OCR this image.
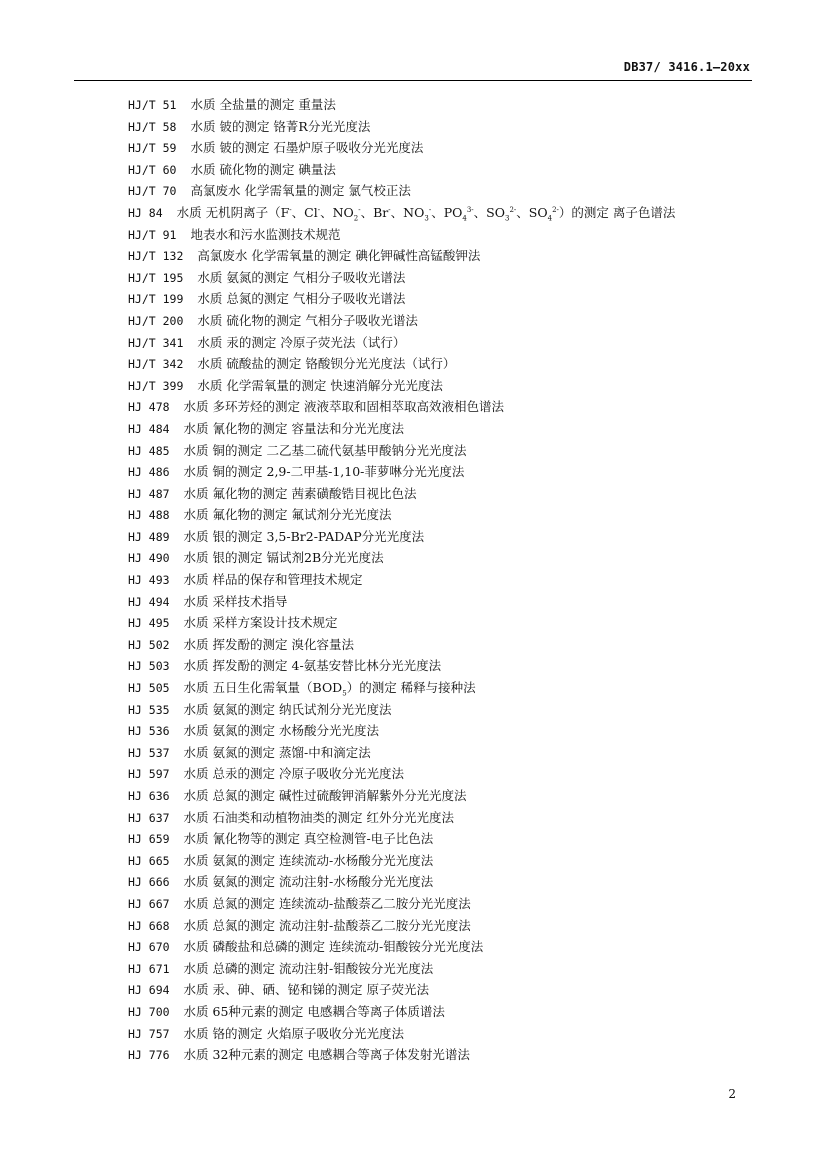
DB37/ 3416.1—20xx
HJ/T 51 水质 全盐量的测定 重量法
HJ/T 58 水质 铍的测定 铬菁R分光光度法
HJ/T 59 水质 铍的测定 石墨炉原子吸收分光光度法
HJ/T 60 水质 硫化物的测定 碘量法
HJ/T 70 高氯废水 化学需氧量的测定 氯气校正法
HJ 84 水质 无机阴离子（F-、Cl-、$NO_2^-$、Br-、$NO_3^-$、$PO_4^{3-}$、$SO_3^{2-}$、$SO_4^{2-}$）的测定 离子色谱法
HJ/T 91 地表水和污水监测技术规范
HJ/T 132 高氯废水 化学需氧量的测定 碘化钾碱性高锰酸钾法
HJ/T 195 水质 氨氮的测定 气相分子吸收光谱法
HJ/T 199 水质 总氮的测定 气相分子吸收光谱法
HJ/T 200 水质 硫化物的测定 气相分子吸收光谱法
HJ/T 341 水质 汞的测定 冷原子荧光法（试行）
HJ/T 342 水质 硫酸盐的测定 铬酸钡分光光度法（试行）
HJ/T 399 水质 化学需氧量的测定 快速消解分光光度法
HJ 478 水质 多环芳烃的测定 液液萃取和固相萃取高效液相色谱法
HJ 484 水质 氰化物的测定 容量法和分光光度法
HJ 485 水质 铜的测定 二乙基二硫代氨基甲酸钠分光光度法
HJ 486 水质 铜的测定 2,9-二甲基-1,10-菲萝啉分光光度法
HJ 487 水质 氟化物的测定 茜素磺酸锆目视比色法
HJ 488 水质 氟化物的测定 氟试剂分光光度法
HJ 489 水质 银的测定 3,5-Br2-PADAP分光光度法
HJ 490 水质 银的测定 镉试剂2B分光光度法
HJ 493 水质 样品的保存和管理技术规定
HJ 494 水质 采样技术指导
HJ 495 水质 采样方案设计技术规定
HJ 502 水质 挥发酚的测定 溴化容量法
HJ 503 水质 挥发酚的测定 4-氨基安替比林分光光度法
HJ 505 水质 五日生化需氧量$(BOD_5)$的测定 稀释与接种法
HJ 535 水质 氨氮的测定 纳氏试剂分光光度法
HJ 536 水质 氨氮的测定 水杨酸分光光度法
HJ 537 水质 氨氮的测定 蒸馏-中和滴定法
HJ 597 水质 总汞的测定 冷原子吸收分光光度法
HJ 636 水质 总氮的测定 碱性过硫酸钾消解紫外分光光度法
HJ 637 水质 石油类和动植物油类的测定 红外分光光度法
HJ 659 水质 氰化物等的测定 真空检测管-电子比色法
HJ 665 水质 氨氮的测定 连续流动-水杨酸分光光度法
HJ 666 水质 氨氮的测定 流动注射-水杨酸分光光度法
HJ 667 水质 总氮的测定 连续流动-盐酸萘乙二胺分光光度法
HJ 668 水质 总氮的测定 流动注射-盐酸萘乙二胺分光光度法
HJ 670 水质 磷酸盐和总磷的测定 连续流动-钼酸铵分光光度法
HJ 671 水质 总磷的测定 流动注射-钼酸铵分光光度法
HJ 694 水质 汞、砷、硒、铋和锑的测定 原子荧光法
HJ 700 水质 65种元素的测定 电感耦合等离子体质谱法
HJ 757 水质 铬的测定 火焰原子吸收分光光度法
HJ 776 水质 32种元素的测定 电感耦合等离子体发射光谱法
2
